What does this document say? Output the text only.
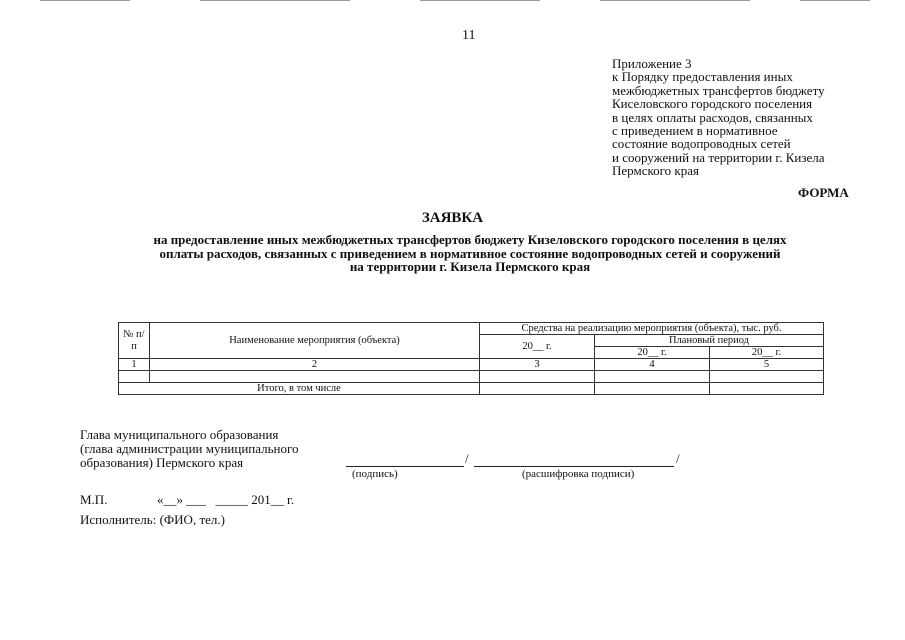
11
Приложение 3
к Порядку предоставления иных
межбюджетных трансфертов бюджету
Киселовского городского поселения
в целях оплаты расходов, связанных
с приведением в нормативное
состояние водопроводных сетей
и сооружений на территории г. Кизела
Пермского края
ФОРМА
ЗАЯВКА
на предоставление иных межбюджетных трансфертов бюджету Кизеловского городского поселения в целях
оплаты расходов, связанных с приведением в нормативное состояние водопроводных сетей и сооружений
на территории г. Кизела Пермского края
№ п/п	Наименование мероприятия (объекта)	Средства на реализацию мероприятия (объекта), тыс. руб.		
		20__ г.	Плановый период	
			20__ г.	20__ г.
1	2	3	4	5

Итого, в том числе				
Глава муниципального образования
(глава администрации муниципального
образования) Пермского края	/	/
(подпись)	(расшифровка подписи)
М.П.	«__» ___   _____ 201__ г.
Исполнитель: (ФИО, тел.)
